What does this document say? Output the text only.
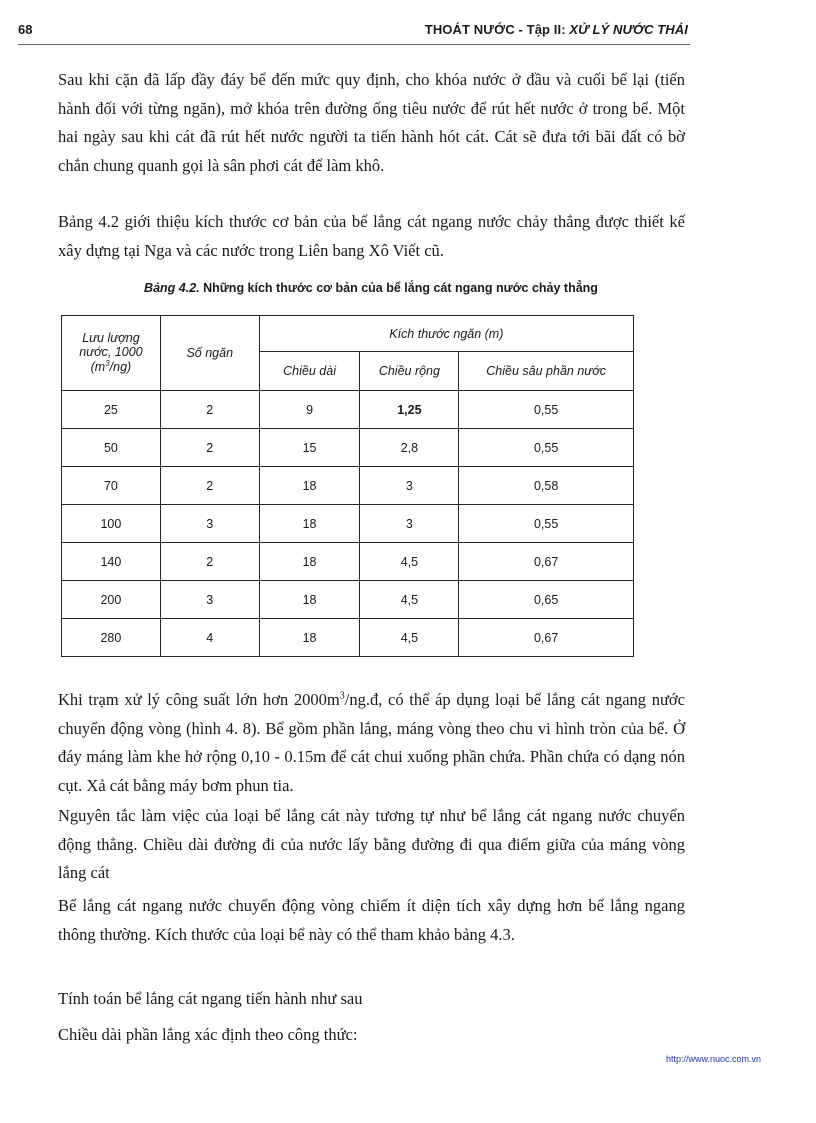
68	THOÁT NƯỚC - Tập II: XỬ LÝ NƯỚC THẢI

Sau khi cặn đã lấp đầy đáy bể đến mức quy định, cho khóa nước ở đầu và cuối bể lại (tiến hành đối với từng ngăn), mở khóa trên đường ống tiêu nước để rút hết nước ở trong bể. Một hai ngày sau khi cát đã rút hết nước người ta tiến hành hót cát. Cát sẽ đưa tới bãi đất có bờ chắn chung quanh gọi là sân phơi cát để làm khô.

Bảng 4.2 giới thiệu kích thước cơ bản của bể lắng cát ngang nước chảy thẳng được thiết kế xây dựng tại Nga và các nước trong Liên bang Xô Viết cũ.

Bảng 4.2. Những kích thước cơ bản của bể lắng cát ngang nước chảy thẳng

Lưu lượng
nước, 1000
$(m^3/ng)$	Số ngăn	Kích thước ngăn (m)		
		Chiều dài	Chiều rộng	Chiều sâu phần nước
25	2	9	1,25	0,55
50	2	15	2,8	0,55
70	2	18	3	0,58
100	3	18	3	0,55
140	2	18	4,5	0,67
200	3	18	4,5	0,65
280	4	18	4,5	0,67

Khi trạm xử lý công suất lớn hơn $2000m^3/ng.đ$, có thể áp dụng loại bể lắng cát ngang nước chuyển động vòng (hình 4. 8). Bể gồm phần lắng, máng vòng theo chu vi hình tròn của bể. Ở đáy máng làm khe hở rộng 0,10 - 0.15m để cát chui xuống phần chứa. Phần chứa có dạng nón cụt. Xả cát bằng máy bơm phun tia.

Nguyên tắc làm việc của loại bể lắng cát này tương tự như bể lắng cát ngang nước chuyển động thẳng. Chiều dài đường đi của nước lấy bằng đường đi qua điểm giữa của máng vòng lắng cát

Bể lắng cát ngang nước chuyển động vòng chiếm ít diện tích xây dựng hơn bể lắng ngang thông thường. Kích thước của loại bể này có thể tham khảo bảng 4.3.

Tính toán bể lắng cát ngang tiến hành như sau

Chiều dài phần lắng xác định theo công thức:

http://www.nuoc.com.vn
